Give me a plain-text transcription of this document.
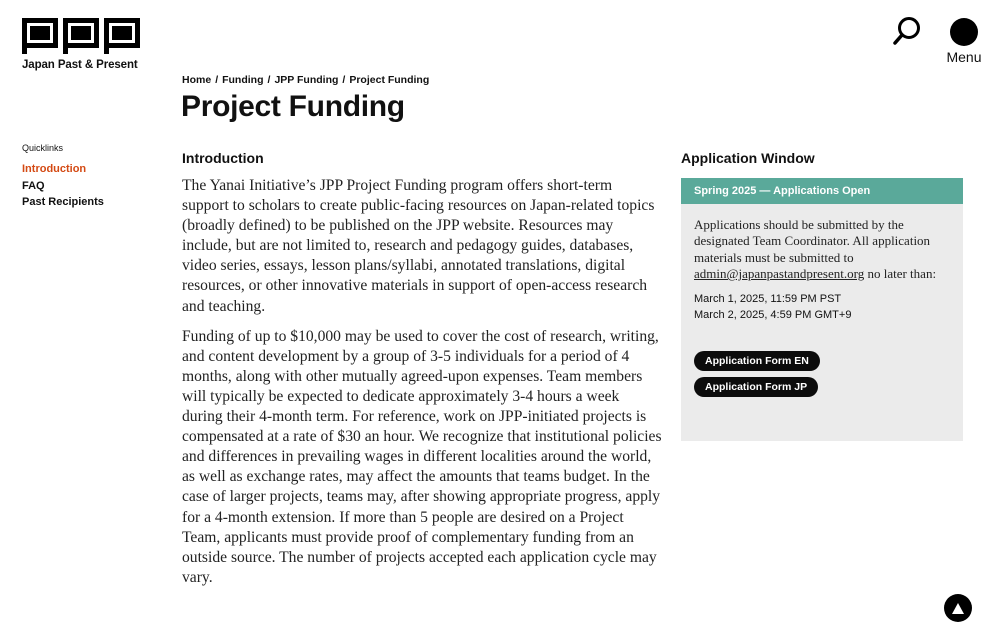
Japan Past & Present	Menu
Home / Funding / JPP Funding / Project Funding
Project Funding
Quicklinks
Introduction
FAQ
Past Recipients
Introduction

The Yanai Initiative’s JPP Project Funding program offers short-term support to scholars to create public-facing resources on Japan-related topics (broadly defined) to be published on the JPP website. Resources may include, but are not limited to, research and pedagogy guides, databases, video series, essays, lesson plans/syllabi, annotated translations, digital resources, or other innovative materials in support of open-access research and teaching.

Funding of up to $10,000 may be used to cover the cost of research, writing, and content development by a group of 3-5 individuals for a period of 4 months, along with other mutually agreed-upon expenses. Team members will typically be expected to dedicate approximately 3-4 hours a week during their 4-month term. For reference, work on JPP-initiated projects is compensated at a rate of $30 an hour. We recognize that institutional policies and differences in prevailing wages in different localities around the world, as well as exchange rates, may affect the amounts that teams budget. In the case of larger projects, teams may, after showing appropriate progress, apply for a 4-month extension. If more than 5 people are desired on a Project Team, applicants must provide proof of complementary funding from an outside source. The number of projects accepted each application cycle may vary.

Application Window
Spring 2025 — Applications Open

Applications should be submitted by the designated Team Coordinator. All application materials must be submitted to admin@japanpastandpresent.org no later than:

March 1, 2025, 11:59 PM PST
March 2, 2025, 4:59 PM GMT+9
Application Form EN
Application Form JP
